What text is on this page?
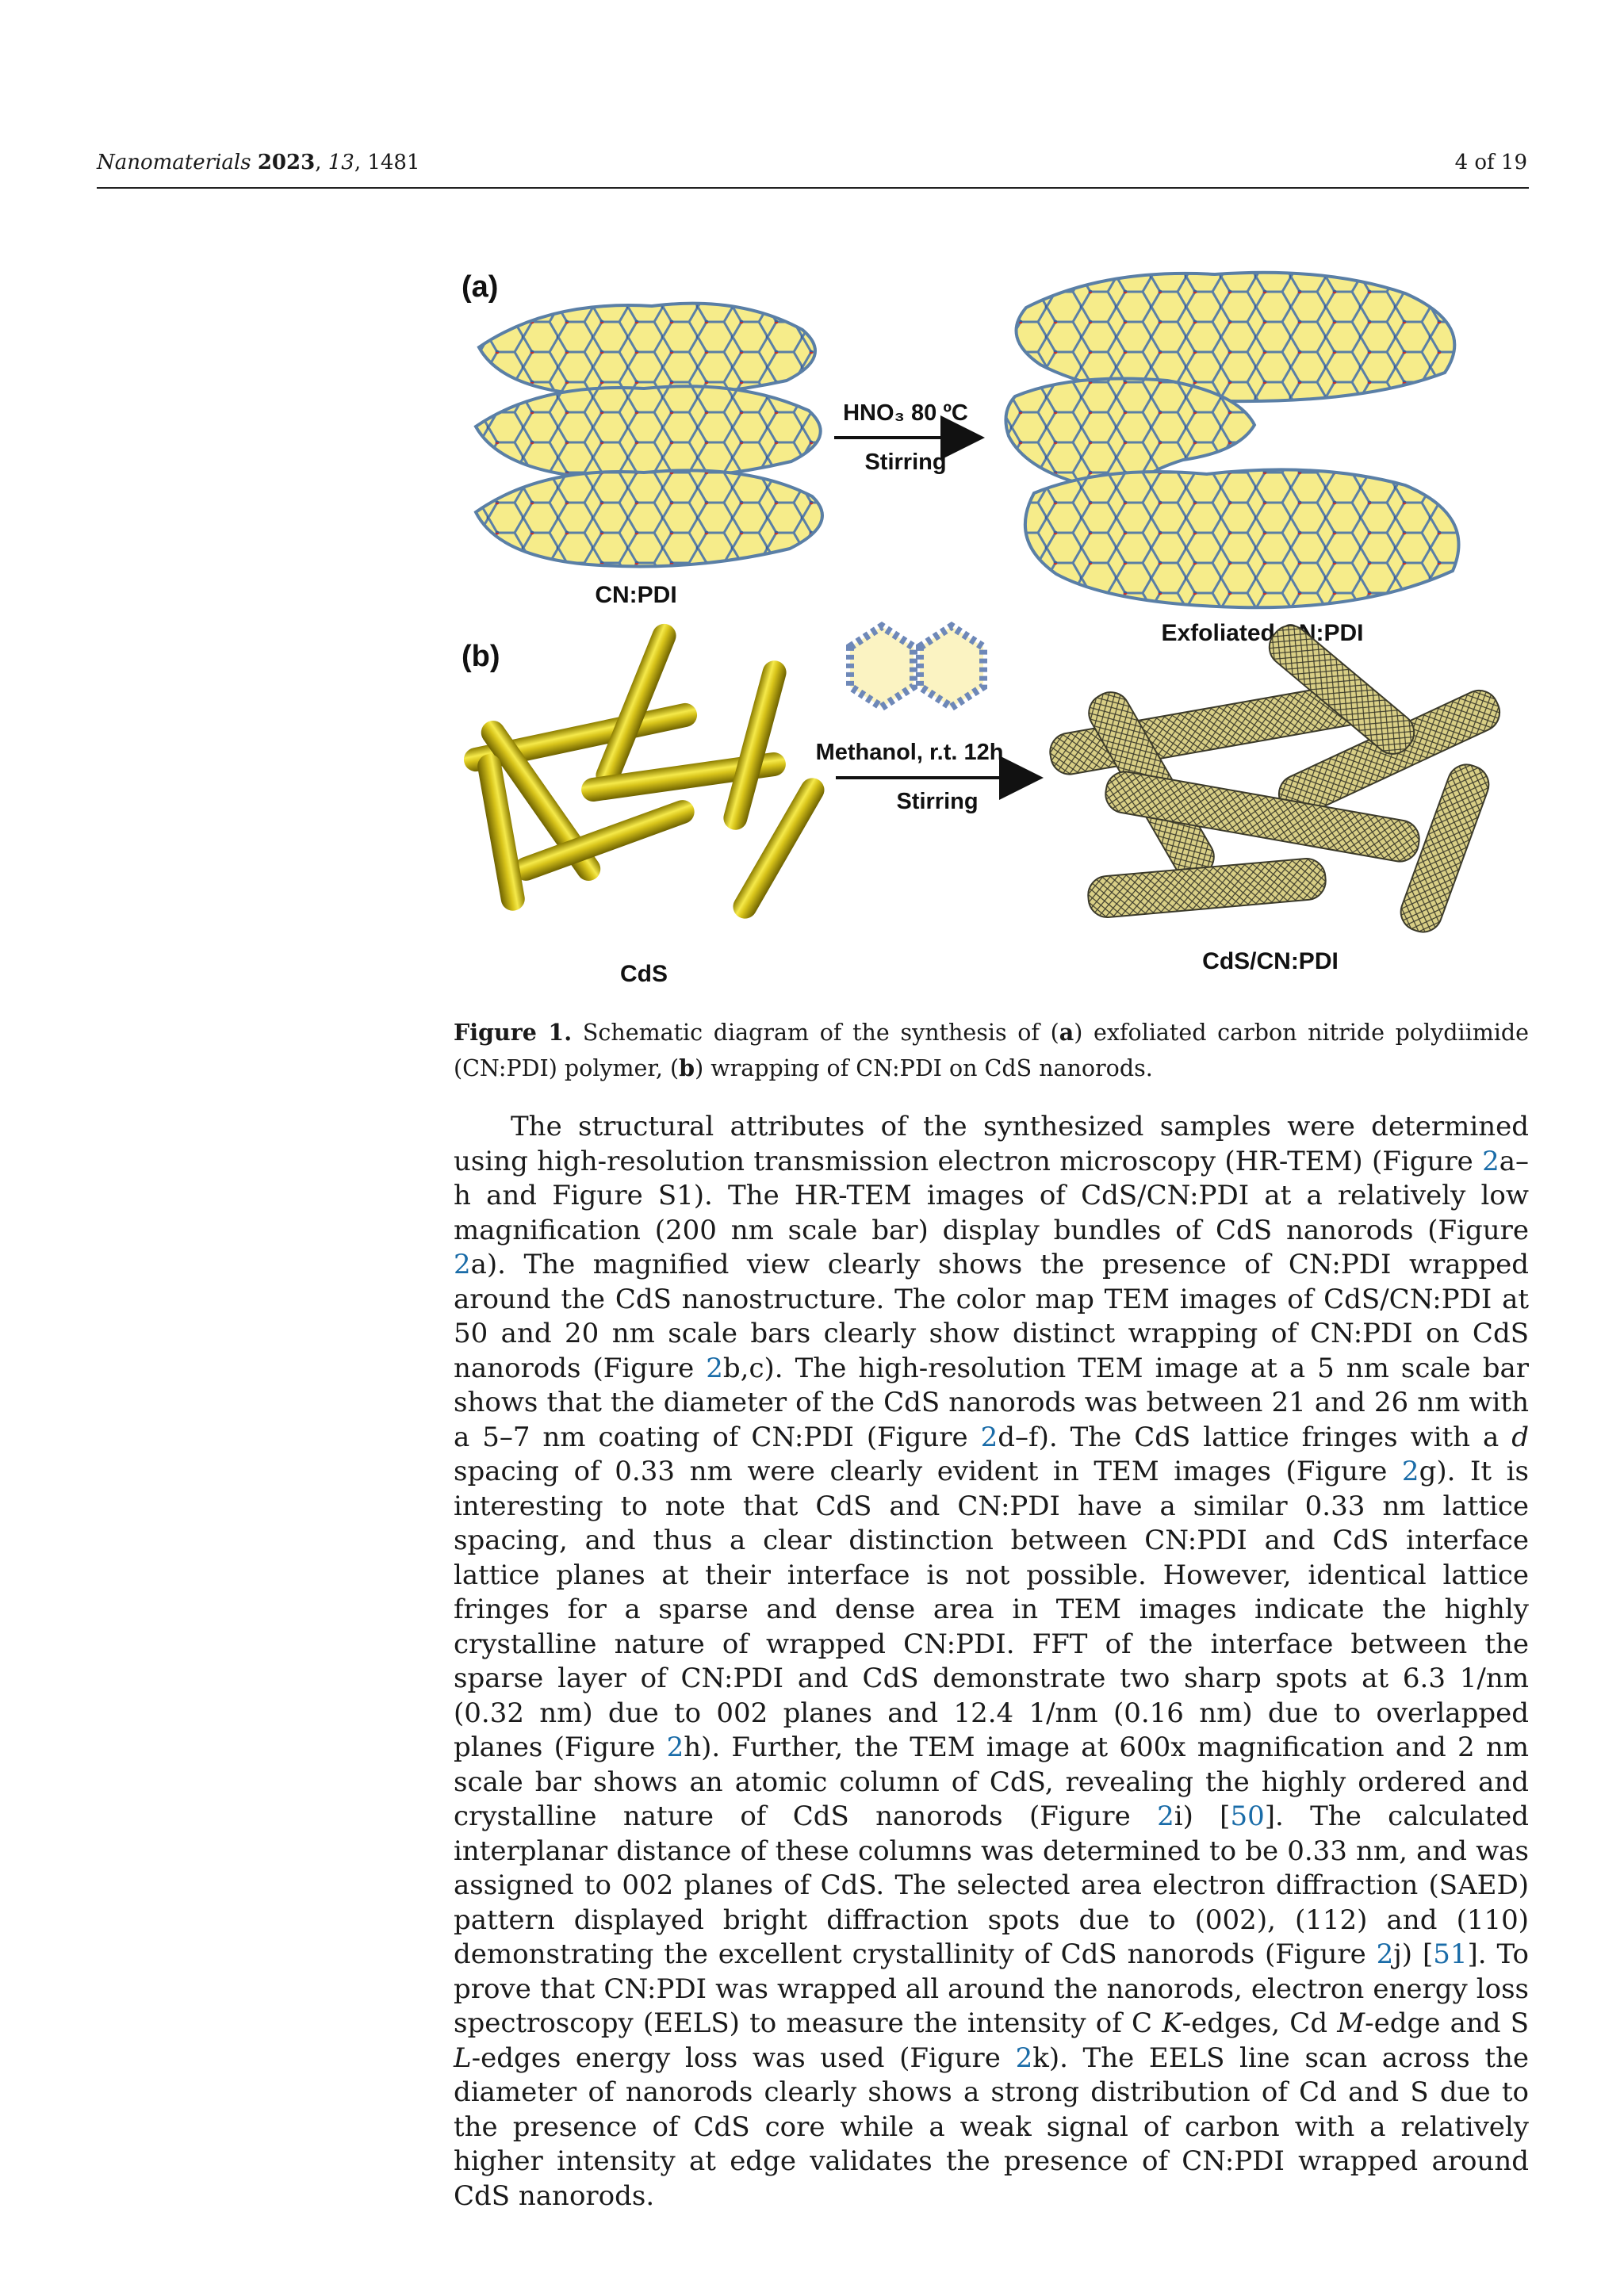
Nanomaterials 2023, 13, 1481	4 of 19
(a)
CN:PDI
HNO₃ 80 ºC
Stirring
Exfoliated CN:PDI
(b)
CdS
Methanol, r.t. 12h
Stirring
CdS/CN:PDI
Figure 1. Schematic diagram of the synthesis of (a) exfoliated carbon nitride polydiimide (CN:PDI) polymer, (b) wrapping of CN:PDI on CdS nanorods.

The structural attributes of the synthesized samples were determined using high-resolution transmission electron microscopy (HR-TEM) (Figure 2a–h and Figure S1). The HR-TEM images of CdS/CN:PDI at a relatively low magnification (200 nm scale bar) display bundles of CdS nanorods (Figure 2a). The magnified view clearly shows the presence of CN:PDI wrapped around the CdS nanostructure. The color map TEM images of CdS/CN:PDI at 50 and 20 nm scale bars clearly show distinct wrapping of CN:PDI on CdS nanorods (Figure 2b,c). The high-resolution TEM image at a 5 nm scale bar shows that the diameter of the CdS nanorods was between 21 and 26 nm with a 5–7 nm coating of CN:PDI (Figure 2d–f). The CdS lattice fringes with a d spacing of 0.33 nm were clearly evident in TEM images (Figure 2g). It is interesting to note that CdS and CN:PDI have a similar 0.33 nm lattice spacing, and thus a clear distinction between CN:PDI and CdS interface lattice planes at their interface is not possible. However, identical lattice fringes for a sparse and dense area in TEM images indicate the highly crystalline nature of wrapped CN:PDI. FFT of the interface between the sparse layer of CN:PDI and CdS demonstrate two sharp spots at 6.3 1/nm (0.32 nm) due to 002 planes and 12.4 1/nm (0.16 nm) due to overlapped planes (Figure 2h). Further, the TEM image at 600x magnification and 2 nm scale bar shows an atomic column of CdS, revealing the highly ordered and crystalline nature of CdS nanorods (Figure 2i) [50]. The calculated interplanar distance of these columns was determined to be 0.33 nm, and was assigned to 002 planes of CdS. The selected area electron diffraction (SAED) pattern displayed bright diffraction spots due to (002), (112) and (110) demonstrating the excellent crystallinity of CdS nanorods (Figure 2j) [51]. To prove that CN:PDI was wrapped all around the nanorods, electron energy loss spectroscopy (EELS) to measure the intensity of C K-edges, Cd M-edge and S L-edges energy loss was used (Figure 2k). The EELS line scan across the diameter of nanorods clearly shows a strong distribution of Cd and S due to the presence of CdS core while a weak signal of carbon with a relatively higher intensity at edge validates the presence of CN:PDI wrapped around CdS nanorods.
